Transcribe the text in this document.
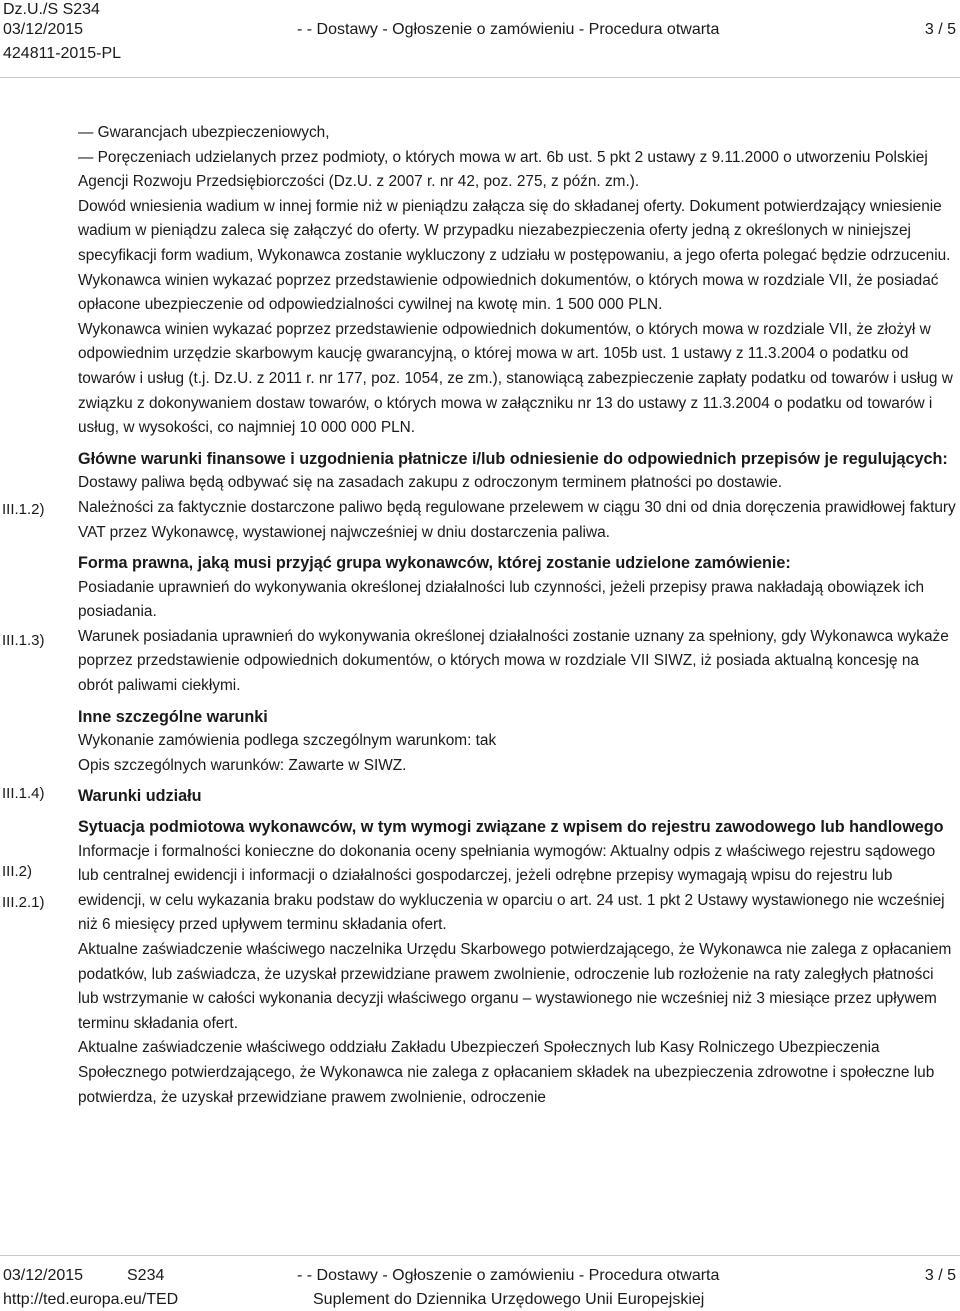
Dz.U./S S234
03/12/2015
424811-2015-PL
- - Dostawy - Ogłoszenie o zamówieniu - Procedura otwarta	3 / 5
III.1.2)
III.1.3)
III.1.4)
III.2)
III.2.1)

— Gwarancjach ubezpieczeniowych,

— Poręczeniach udzielanych przez podmioty, o których mowa w art. 6b ust. 5 pkt 2 ustawy z 9.11.2000 o utworzeniu Polskiej Agencji Rozwoju Przedsiębiorczości (Dz.U. z 2007 r. nr 42, poz. 275, z późn. zm.).

Dowód wniesienia wadium w innej formie niż w pieniądzu załącza się do składanej oferty. Dokument potwierdzający wniesienie wadium w pieniądzu zaleca się załączyć do oferty. W przypadku niezabezpieczenia oferty jedną z określonych w niniejszej specyfikacji form wadium, Wykonawca zostanie wykluczony z udziału w postępowaniu, a jego oferta polegać będzie odrzuceniu.

Wykonawca winien wykazać poprzez przedstawienie odpowiednich dokumentów, o których mowa w rozdziale VII, że posiadać opłacone ubezpieczenie od odpowiedzialności cywilnej na kwotę min. 1 500 000 PLN.

Wykonawca winien wykazać poprzez przedstawienie odpowiednich dokumentów, o których mowa w rozdziale VII, że złożył w odpowiednim urzędzie skarbowym kaucję gwarancyjną, o której mowa w art. 105b ust. 1 ustawy z 11.3.2004 o podatku od towarów i usług (t.j. Dz.U. z 2011 r. nr 177, poz. 1054, ze zm.), stanowiącą zabezpieczenie zapłaty podatku od towarów i usług w związku z dokonywaniem dostaw towarów, o których mowa w załączniku nr 13 do ustawy z 11.3.2004 o podatku od towarów i usług, w wysokości, co najmniej 10 000 000 PLN.

Główne warunki finansowe i uzgodnienia płatnicze i/lub odniesienie do odpowiednich przepisów je regulujących:

Dostawy paliwa będą odbywać się na zasadach zakupu z odroczonym terminem płatności po dostawie.

Należności za faktycznie dostarczone paliwo będą regulowane przelewem w ciągu 30 dni od dnia doręczenia prawidłowej faktury VAT przez Wykonawcę, wystawionej najwcześniej w dniu dostarczenia paliwa.

Forma prawna, jaką musi przyjąć grupa wykonawców, której zostanie udzielone zamówienie:

Posiadanie uprawnień do wykonywania określonej działalności lub czynności, jeżeli przepisy prawa nakładają obowiązek ich posiadania.

Warunek posiadania uprawnień do wykonywania określonej działalności zostanie uznany za spełniony, gdy Wykonawca wykaże poprzez przedstawienie odpowiednich dokumentów, o których mowa w rozdziale VII SIWZ, iż posiada aktualną koncesję na obrót paliwami ciekłymi.

Inne szczególne warunki

Wykonanie zamówienia podlega szczególnym warunkom: tak

Opis szczególnych warunków: Zawarte w SIWZ.

Warunki udziału

Sytuacja podmiotowa wykonawców, w tym wymogi związane z wpisem do rejestru zawodowego lub handlowego

Informacje i formalności konieczne do dokonania oceny spełniania wymogów: Aktualny odpis z właściwego rejestru sądowego lub centralnej ewidencji i informacji o działalności gospodarczej, jeżeli odrębne przepisy wymagają wpisu do rejestru lub ewidencji, w celu wykazania braku podstaw do wykluczenia w oparciu o art. 24 ust. 1 pkt 2 Ustawy wystawionego nie wcześniej niż 6 miesięcy przed upływem terminu składania ofert.

Aktualne zaświadczenie właściwego naczelnika Urzędu Skarbowego potwierdzającego, że Wykonawca nie zalega z opłacaniem podatków, lub zaświadcza, że uzyskał przewidziane prawem zwolnienie, odroczenie lub rozłożenie na raty zaległych płatności lub wstrzymanie w całości wykonania decyzji właściwego organu – wystawionego nie wcześniej niż 3 miesiące przez upływem terminu składania ofert.

Aktualne zaświadczenie właściwego oddziału Zakładu Ubezpieczeń Społecznych lub Kasy Rolniczego Ubezpieczenia Społecznego potwierdzającego, że Wykonawca nie zalega z opłacaniem składek na ubezpieczenia zdrowotne i społeczne lub potwierdza, że uzyskał przewidziane prawem zwolnienie, odroczenie

03/12/2015	S234	- - Dostawy - Ogłoszenie o zamówieniu - Procedura otwarta	3 / 5
http://ted.europa.eu/TED	Suplement do Dziennika Urzędowego Unii Europejskiej
